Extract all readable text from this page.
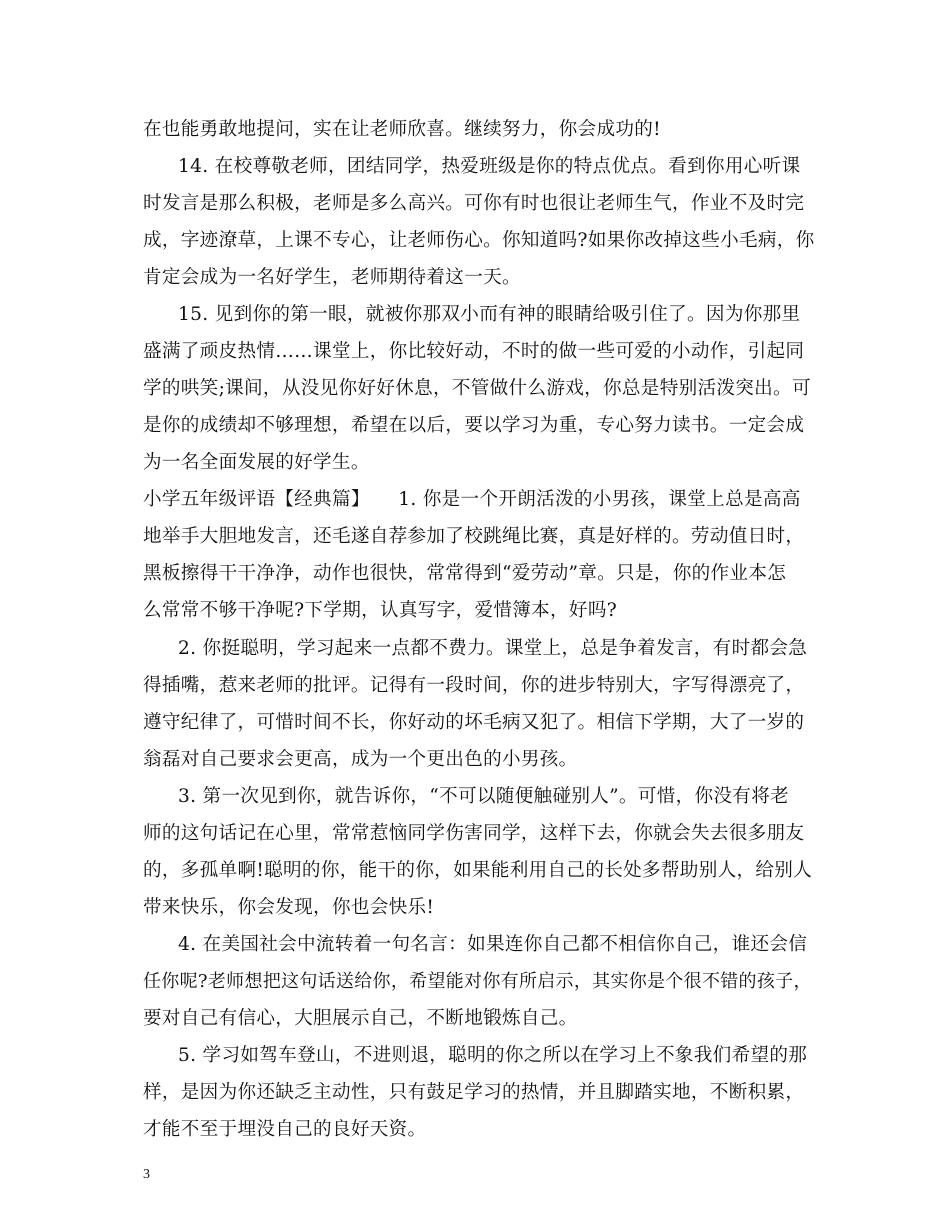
在也能勇敢地提问，实在让老师欣喜。继续努力，你会成功的!
14. 在校尊敬老师，团结同学，热爱班级是你的特点优点。看到你用心听课
时发言是那么积极，老师是多么高兴。可你有时也很让老师生气，作业不及时完
成，字迹潦草，上课不专心，让老师伤心。你知道吗?如果你改掉这些小毛病，你
肯定会成为一名好学生，老师期待着这一天。
15. 见到你的第一眼，就被你那双小而有神的眼睛给吸引住了。因为你那里
盛满了顽皮热情……课堂上，你比较好动，不时的做一些可爱的小动作，引起同
学的哄笑;课间，从没见你好好休息，不管做什么游戏，你总是特别活泼突出。可
是你的成绩却不够理想，希望在以后，要以学习为重，专心努力读书。一定会成
为一名全面发展的好学生。
小学五年级评语【经典篇】　　1. 你是一个开朗活泼的小男孩，课堂上总是高高
地举手大胆地发言，还毛遂自荐参加了校跳绳比赛，真是好样的。劳动值日时，
黑板擦得干干净净，动作也很快，常常得到“爱劳动”章。只是，你的作业本怎
么常常不够干净呢?下学期，认真写字，爱惜簿本，好吗?
2. 你挺聪明，学习起来一点都不费力。课堂上，总是争着发言，有时都会急
得插嘴，惹来老师的批评。记得有一段时间，你的进步特别大，字写得漂亮了，
遵守纪律了，可惜时间不长，你好动的坏毛病又犯了。相信下学期，大了一岁的
翁磊对自己要求会更高，成为一个更出色的小男孩。
3. 第一次见到你，就告诉你，“不可以随便触碰别人”。可惜，你没有将老
师的这句话记在心里，常常惹恼同学伤害同学，这样下去，你就会失去很多朋友
的，多孤单啊!聪明的你，能干的你，如果能利用自己的长处多帮助别人，给别人
带来快乐，你会发现，你也会快乐!
4. 在美国社会中流转着一句名言：如果连你自己都不相信你自己，谁还会信
任你呢?老师想把这句话送给你，希望能对你有所启示，其实你是个很不错的孩子，
要对自己有信心，大胆展示自己，不断地锻炼自己。
5. 学习如驾车登山，不进则退，聪明的你之所以在学习上不象我们希望的那
样，是因为你还缺乏主动性，只有鼓足学习的热情，并且脚踏实地，不断积累，
才能不至于埋没自己的良好天资。
3
